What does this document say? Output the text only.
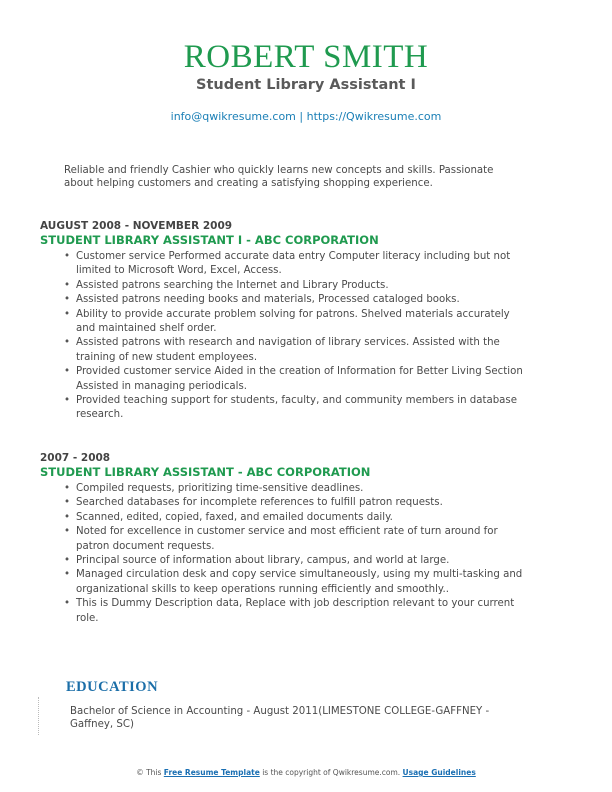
ROBERT SMITH
Student Library Assistant I
info@qwikresume.com | https://Qwikresume.com
Reliable and friendly Cashier who quickly learns new concepts and skills. Passionate about helping customers and creating a satisfying shopping experience.
AUGUST 2008 - NOVEMBER 2009
STUDENT LIBRARY ASSISTANT I - ABC CORPORATION
• Customer service Performed accurate data entry Computer literacy including but not limited to Microsoft Word, Excel, Access.
• Assisted patrons searching the Internet and Library Products.
• Assisted patrons needing books and materials, Processed cataloged books.
• Ability to provide accurate problem solving for patrons. Shelved materials accurately and maintained shelf order.
• Assisted patrons with research and navigation of library services. Assisted with the training of new student employees.
• Provided customer service Aided in the creation of Information for Better Living Section Assisted in managing periodicals.
• Provided teaching support for students, faculty, and community members in database research.
2007 - 2008
STUDENT LIBRARY ASSISTANT - ABC CORPORATION
• Compiled requests, prioritizing time-sensitive deadlines.
• Searched databases for incomplete references to fulfill patron requests.
• Scanned, edited, copied, faxed, and emailed documents daily.
• Noted for excellence in customer service and most efficient rate of turn around for patron document requests.
• Principal source of information about library, campus, and world at large.
• Managed circulation desk and copy service simultaneously, using my multi-tasking and organizational skills to keep operations running efficiently and smoothly..
• This is Dummy Description data, Replace with job description relevant to your current role.
EDUCATION
Bachelor of Science in Accounting - August 2011(LIMESTONE COLLEGE-GAFFNEY - Gaffney, SC)
© This Free Resume Template is the copyright of Qwikresume.com. Usage Guidelines
